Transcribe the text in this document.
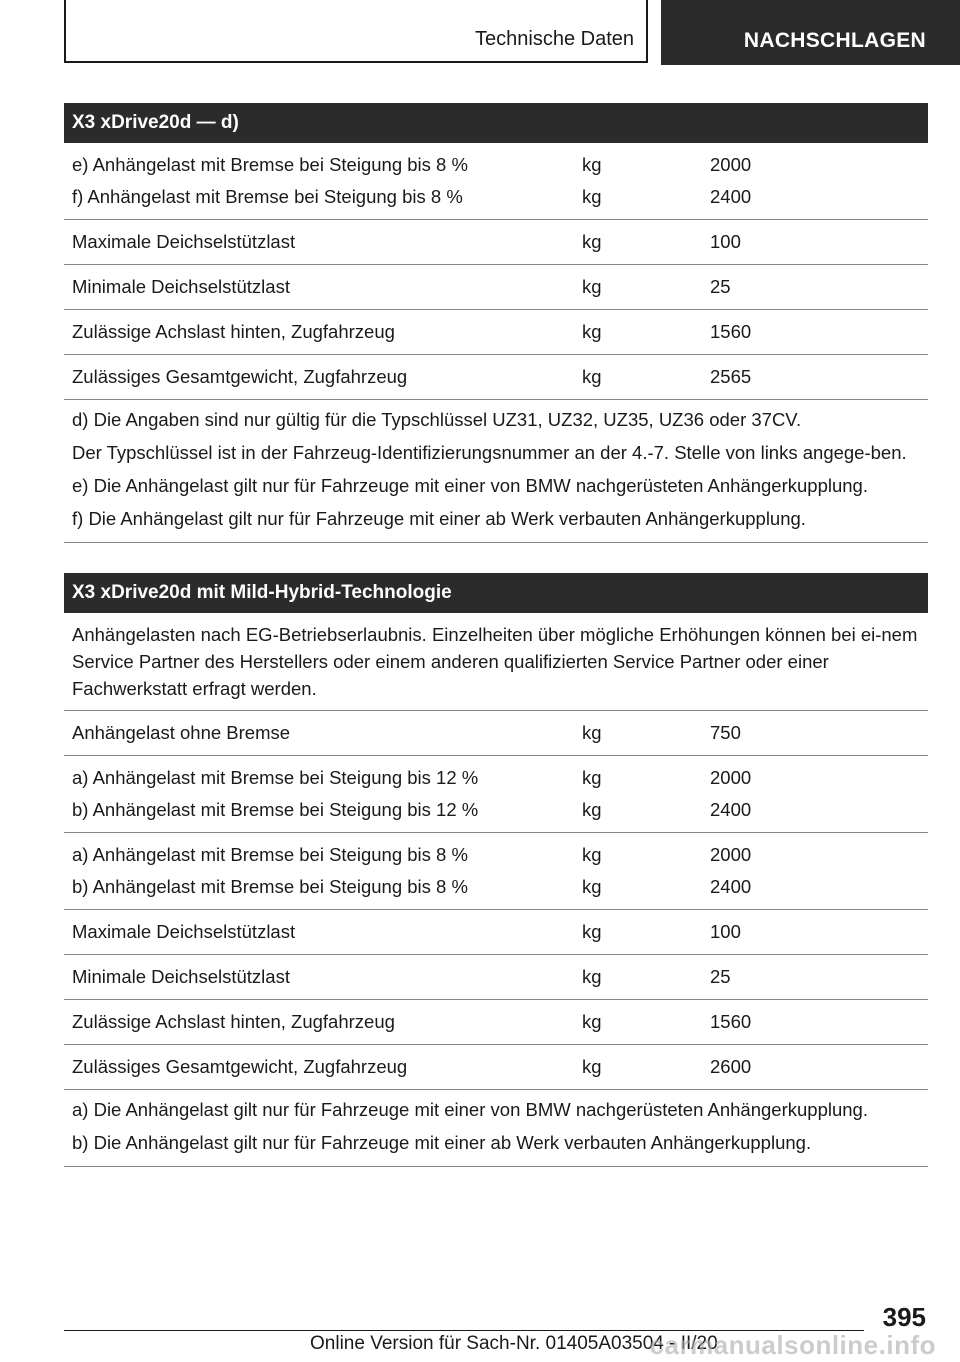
Technische Daten	NACHSCHLAGEN
X3 xDrive20d — d)
e) Anhängelast mit Bremse bei Steigung bis 8 %	kg	2000
f) Anhängelast mit Bremse bei Steigung bis 8 %	kg	2400
Maximale Deichselstützlast	kg	100
Minimale Deichselstützlast	kg	25
Zulässige Achslast hinten, Zugfahrzeug	kg	1560
Zulässiges Gesamtgewicht, Zugfahrzeug	kg	2565

d) Die Angaben sind nur gültig für die Typschlüssel UZ31, UZ32, UZ35, UZ36 oder 37CV.

Der Typschlüssel ist in der Fahrzeug-Identifizierungsnummer an der 4.-7. Stelle von links angege-ben.

e) Die Anhängelast gilt nur für Fahrzeuge mit einer von BMW nachgerüsteten Anhängerkupplung.

f) Die Anhängelast gilt nur für Fahrzeuge mit einer ab Werk verbauten Anhängerkupplung.

X3 xDrive20d mit Mild-Hybrid-Technologie
Anhängelasten nach EG-Betriebserlaubnis. Einzelheiten über mögliche Erhöhungen können bei ei-nem Service Partner des Herstellers oder einem anderen qualifizierten Service Partner oder einer Fachwerkstatt erfragt werden.
Anhängelast ohne Bremse	kg	750
a) Anhängelast mit Bremse bei Steigung bis 12 %	kg	2000
b) Anhängelast mit Bremse bei Steigung bis 12 %	kg	2400
a) Anhängelast mit Bremse bei Steigung bis 8 %	kg	2000
b) Anhängelast mit Bremse bei Steigung bis 8 %	kg	2400
Maximale Deichselstützlast	kg	100
Minimale Deichselstützlast	kg	25
Zulässige Achslast hinten, Zugfahrzeug	kg	1560
Zulässiges Gesamtgewicht, Zugfahrzeug	kg	2600

a) Die Anhängelast gilt nur für Fahrzeuge mit einer von BMW nachgerüsteten Anhängerkupplung.

b) Die Anhängelast gilt nur für Fahrzeuge mit einer ab Werk verbauten Anhängerkupplung.

395
Online Version für Sach-Nr. 01405A03504 - II/20
carmanualsonline.info
